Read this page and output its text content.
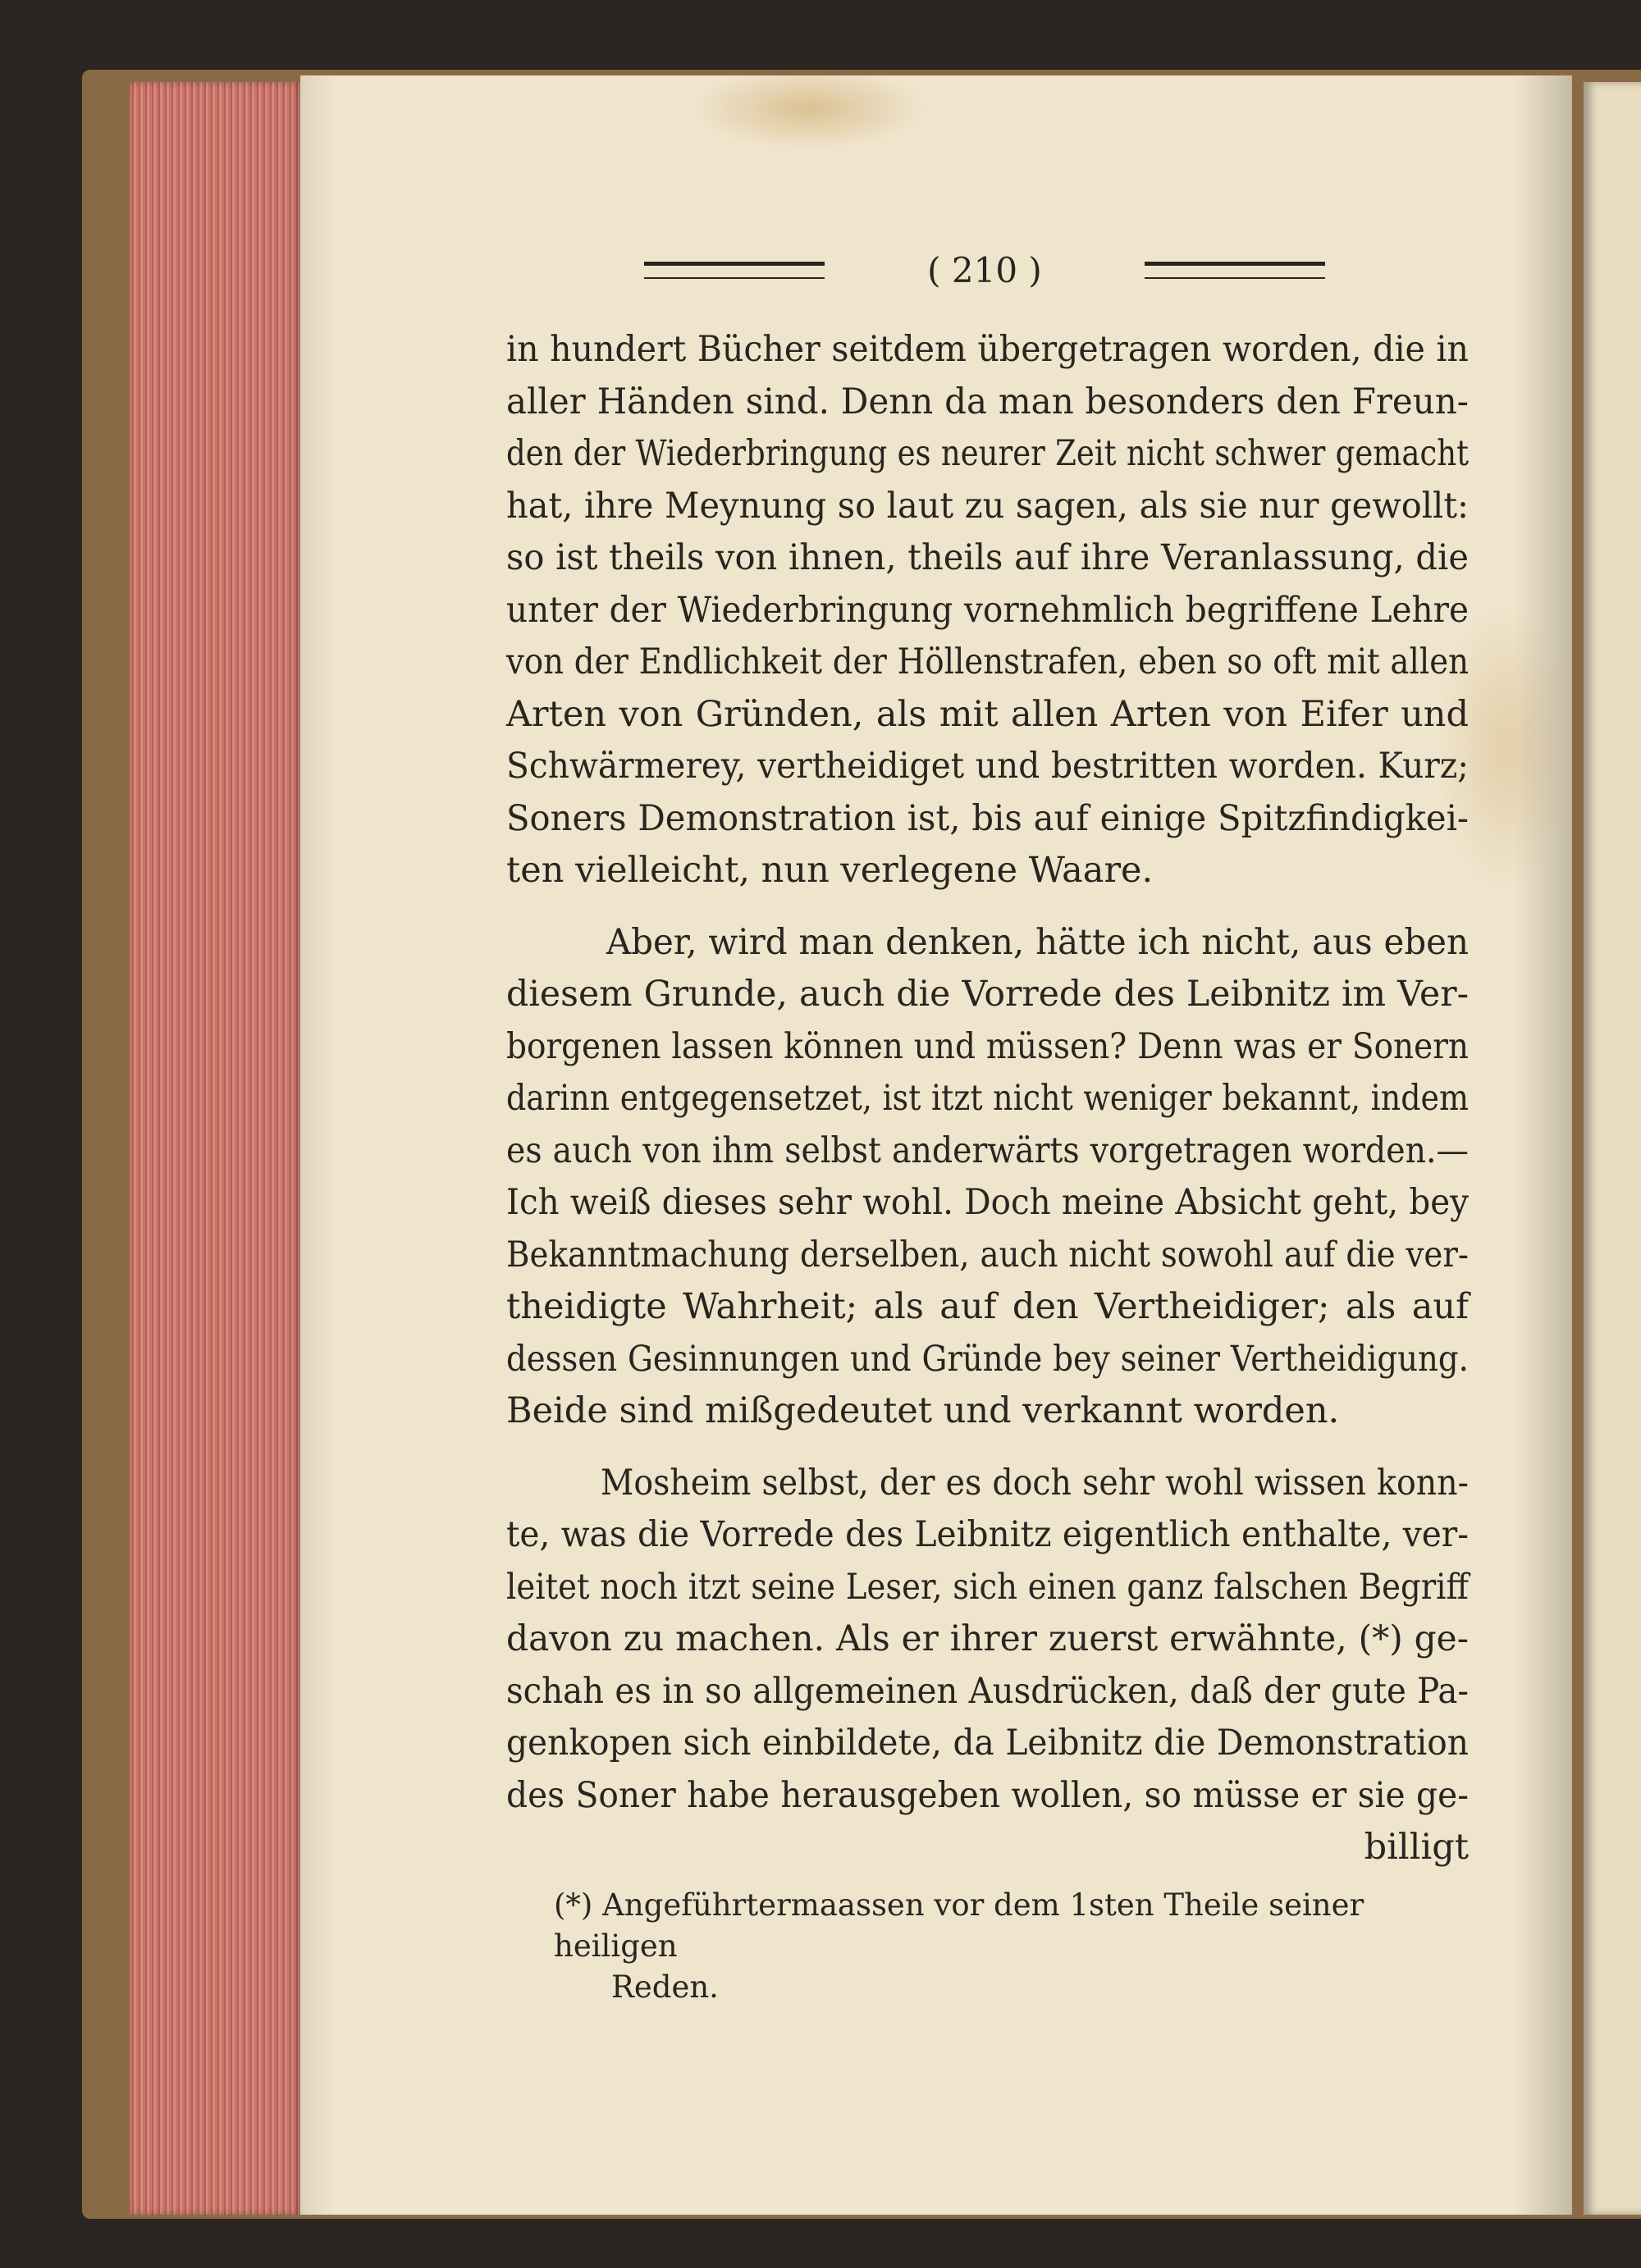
( 210 )
in hundert Bücher seitdem übergetragen worden, die in
aller Händen sind. Denn da man besonders den Freun-
den der Wiederbringung es neurer Zeit nicht schwer gemacht
hat, ihre Meynung so laut zu sagen, als sie nur gewollt:
so ist theils von ihnen, theils auf ihre Veranlassung, die
unter der Wiederbringung vornehmlich begriffene Lehre
von der Endlichkeit der Höllenstrafen, eben so oft mit allen
Arten von Gründen, als mit allen Arten von Eifer und
Schwärmerey, vertheidiget und bestritten worden. Kurz;
Soners Demonstration ist, bis auf einige Spitzfindigkei-
ten vielleicht, nun verlegene Waare.
Aber, wird man denken, hätte ich nicht, aus eben
diesem Grunde, auch die Vorrede des Leibnitz im Ver-
borgenen lassen können und müssen? Denn was er Sonern
darinn entgegensetzet, ist itzt nicht weniger bekannt, indem
es auch von ihm selbst anderwärts vorgetragen worden.—
Ich weiß dieses sehr wohl. Doch meine Absicht geht, bey
Bekanntmachung derselben, auch nicht sowohl auf die ver-
theidigte Wahrheit; als auf den Vertheidiger; als auf
dessen Gesinnungen und Gründe bey seiner Vertheidigung.
Beide sind mißgedeutet und verkannt worden.
Mosheim selbst, der es doch sehr wohl wissen konn-
te, was die Vorrede des Leibnitz eigentlich enthalte, ver-
leitet noch itzt seine Leser, sich einen ganz falschen Begriff
davon zu machen. Als er ihrer zuerst erwähnte, (*) ge-
schah es in so allgemeinen Ausdrücken, daß der gute Pa-
genkopen sich einbildete, da Leibnitz die Demonstration
des Soner habe herausgeben wollen, so müsse er sie ge-
billigt
(*) Angeführtermaassen vor dem 1sten Theile seiner heiligen
Reden.
